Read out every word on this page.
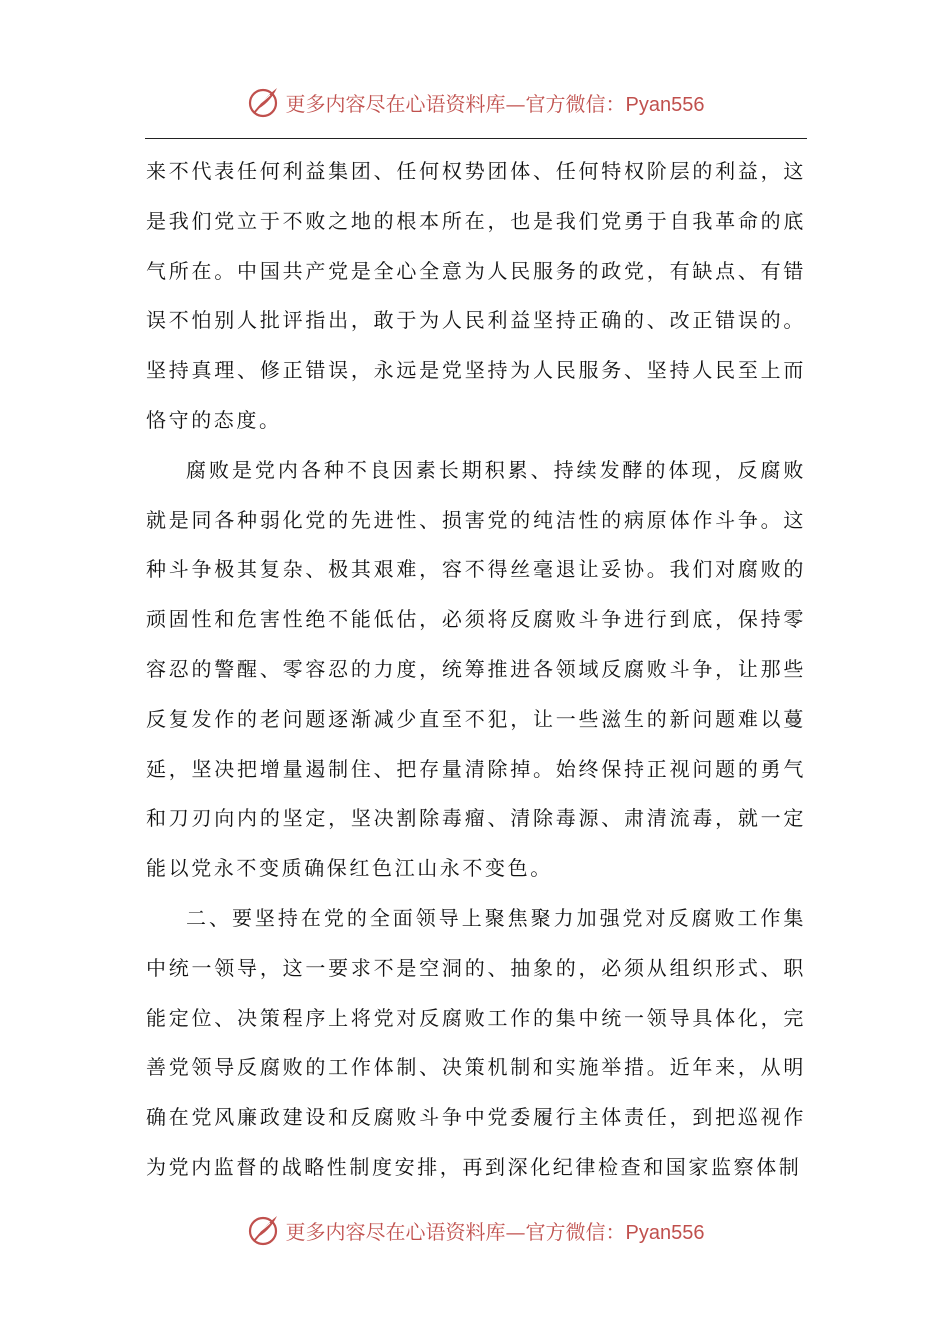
更多内容尽在心语资料库—官方微信：Pyan556

来不代表任何利益集团、任何权势团体、任何特权阶层的利益，这是我们党立于不败之地的根本所在，也是我们党勇于自我革命的底气所在。中国共产党是全心全意为人民服务的政党，有缺点、有错误不怕别人批评指出，敢于为人民利益坚持正确的、改正错误的。坚持真理、修正错误，永远是党坚持为人民服务、坚持人民至上而恪守的态度。

腐败是党内各种不良因素长期积累、持续发酵的体现，反腐败就是同各种弱化党的先进性、损害党的纯洁性的病原体作斗争。这种斗争极其复杂、极其艰难，容不得丝毫退让妥协。我们对腐败的顽固性和危害性绝不能低估，必须将反腐败斗争进行到底，保持零容忍的警醒、零容忍的力度，统筹推进各领域反腐败斗争，让那些反复发作的老问题逐渐减少直至不犯，让一些滋生的新问题难以蔓延，坚决把增量遏制住、把存量清除掉。始终保持正视问题的勇气和刀刃向内的坚定，坚决割除毒瘤、清除毒源、肃清流毒，就一定能以党永不变质确保红色江山永不变色。

二、要坚持在党的全面领导上聚焦聚力加强党对反腐败工作集中统一领导，这一要求不是空洞的、抽象的，必须从组织形式、职能定位、决策程序上将党对反腐败工作的集中统一领导具体化，完善党领导反腐败的工作体制、决策机制和实施举措。近年来，从明确在党风廉政建设和反腐败斗争中党委履行主体责任，到把巡视作为党内监督的战略性制度安排，再到深化纪律检查和国家监察体制

更多内容尽在心语资料库—官方微信：Pyan556
